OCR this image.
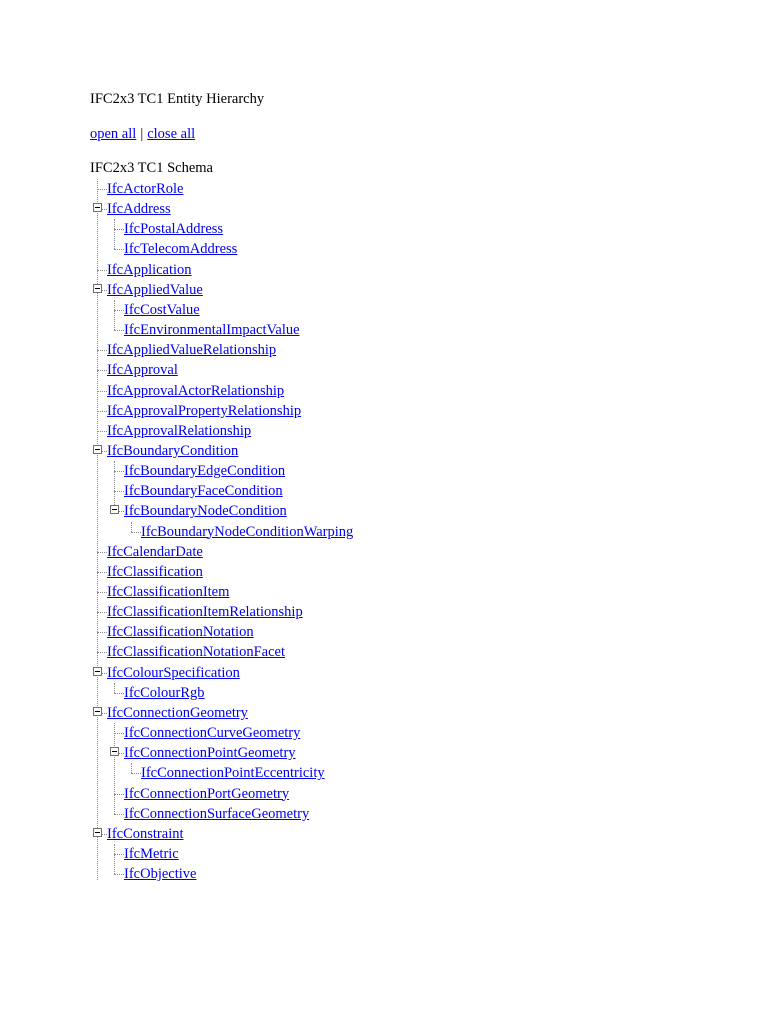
IFC2x3 TC1 Entity Hierarchy
open all | close all
IFC2x3 TC1 Schema
IfcActorRole
IfcAddress
IfcPostalAddress
IfcTelecomAddress
IfcApplication
IfcAppliedValue
IfcCostValue
IfcEnvironmentalImpactValue
IfcAppliedValueRelationship
IfcApproval
IfcApprovalActorRelationship
IfcApprovalPropertyRelationship
IfcApprovalRelationship
IfcBoundaryCondition
IfcBoundaryEdgeCondition
IfcBoundaryFaceCondition
IfcBoundaryNodeCondition
IfcBoundaryNodeConditionWarping
IfcCalendarDate
IfcClassification
IfcClassificationItem
IfcClassificationItemRelationship
IfcClassificationNotation
IfcClassificationNotationFacet
IfcColourSpecification
IfcColourRgb
IfcConnectionGeometry
IfcConnectionCurveGeometry
IfcConnectionPointGeometry
IfcConnectionPointEccentricity
IfcConnectionPortGeometry
IfcConnectionSurfaceGeometry
IfcConstraint
IfcMetric
IfcObjective
